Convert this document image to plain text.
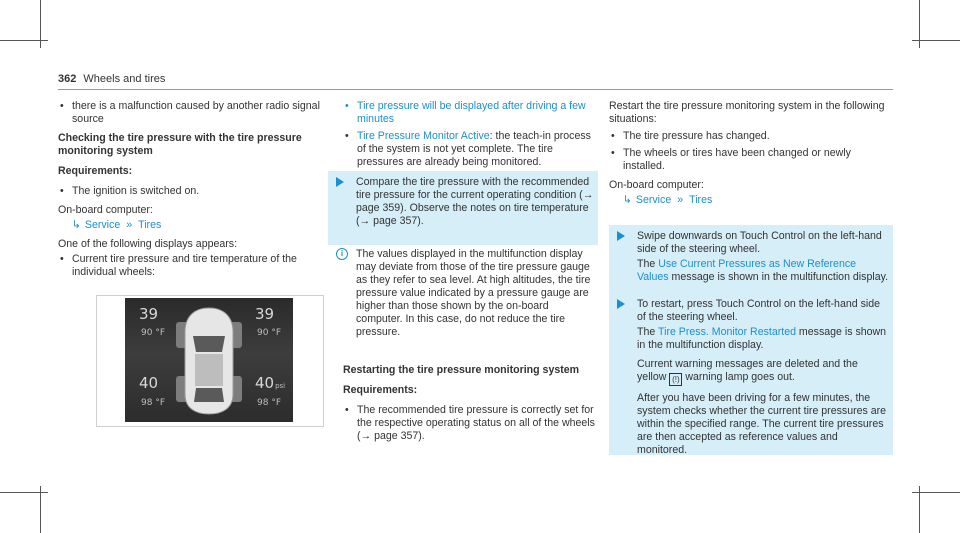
362 Wheels and tires
• there is a malfunction caused by another radio signal source

Checking the tire pressure with the tire pressure monitoring system

Requirements:

• The ignition is switched on.

On-board computer:

↳ Service » Tires

One of the following displays appears:

• Current tire pressure and tire temperature of the individual wheels:
39
90 °F
39
90 °F
40
98 °F
40psi
98 °F
• Tire pressure will be displayed after driving a few minutes
• Tire Pressure Monitor Active: the teach-in process of the system is not yet complete. The tire pressures are already being monitored.
Compare the tire pressure with the recommended tire pressure for the current operating condition (→ page 359). Observe the notes on tire temperature (→ page 357).
i	The values displayed in the multifunction display may deviate from those of the tire pressure gauge as they refer to sea level. At high altitudes, the tire pressure value indicated by a pressure gauge are higher than those shown by the on-board computer. In this case, do not reduce the tire pressure.

Restarting the tire pressure monitoring system

Requirements:

• The recommended tire pressure is correctly set for the respective operating status on all of the wheels (→ page 357).

Restart the tire pressure monitoring system in the following situations:

• The tire pressure has changed.
• The wheels or tires have been changed or newly installed.

On-board computer:

↳ Service » Tires

Swipe downwards on Touch Control on the left-hand side of the steering wheel.

The Use Current Pressures as New Reference Values message is shown in the multifunction display.

To restart, press Touch Control on the left-hand side of the steering wheel.

The Tire Press. Monitor Restarted message is shown in the multifunction display.

Current warning messages are deleted and the yellow (!) warning lamp goes out.

After you have been driving for a few minutes, the system checks whether the current tire pressures are within the specified range. The current tire pressures are then accepted as reference values and monitored.
